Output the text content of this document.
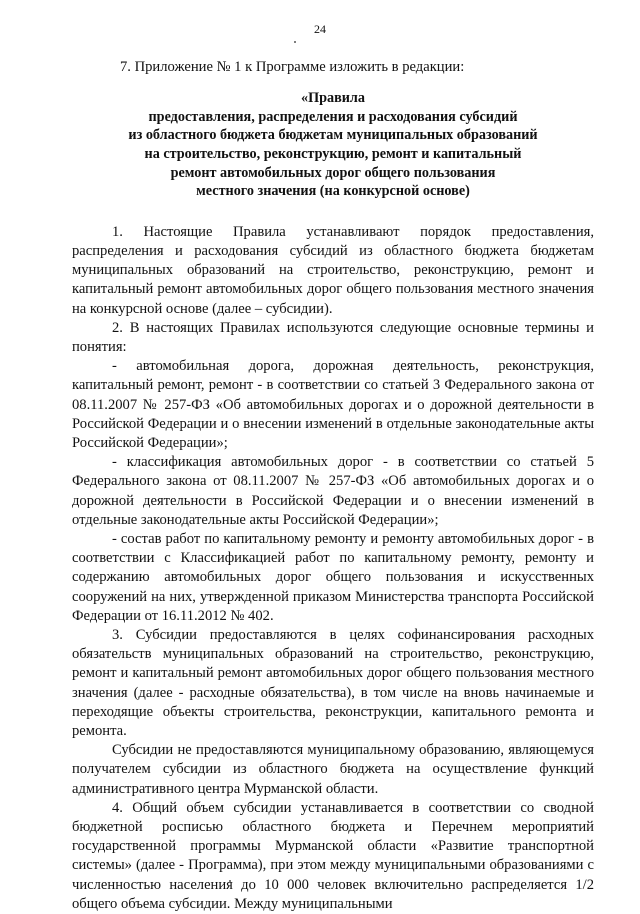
24

7. Приложение № 1 к Программе изложить в редакции:

«Правила
предоставления, распределения и расходования субсидий
из областного бюджета бюджетам муниципальных образований
на строительство, реконструкцию, ремонт и капитальный
ремонт автомобильных дорог общего пользования
местного значения (на конкурсной основе)

1. Настоящие Правила устанавливают порядок предоставления, распределения и расходования субсидий из областного бюджета бюджетам муниципальных образований на строительство, реконструкцию, ремонт и капитальный ремонт автомобильных дорог общего пользования местного значения на конкурсной основе (далее – субсидии).

2. В настоящих Правилах используются следующие основные термины и понятия:

- автомобильная дорога, дорожная деятельность, реконструкция, капитальный ремонт, ремонт - в соответствии со статьей 3 Федерального закона от 08.11.2007 № 257-ФЗ «Об автомобильных дорогах и о дорожной деятельности в Российской Федерации и о внесении изменений в отдельные законодательные акты Российской Федерации»;

- классификация автомобильных дорог - в соответствии со статьей 5 Федерального закона от 08.11.2007 № 257-ФЗ «Об автомобильных дорогах и о дорожной деятельности в Российской Федерации и о внесении изменений в отдельные законодательные акты Российской Федерации»;

- состав работ по капитальному ремонту и ремонту автомобильных дорог - в соответствии с Классификацией работ по капитальному ремонту, ремонту и содержанию автомобильных дорог общего пользования и искусственных сооружений на них, утвержденной приказом Министерства транспорта Российской Федерации от 16.11.2012 № 402.

3. Субсидии предоставляются в целях софинансирования расходных обязательств муниципальных образований на строительство, реконструкцию, ремонт и капитальный ремонт автомобильных дорог общего пользования местного значения (далее - расходные обязательства), в том числе на вновь начинаемые и переходящие объекты строительства, реконструкции, капитального ремонта и ремонта.

Субсидии не предоставляются муниципальному образованию, являющемуся получателем субсидии из областного бюджета на осуществление функций административного центра Мурманской области.

4. Общий объем субсидии устанавливается в соответствии со сводной бюджетной росписью областного бюджета и Перечнем мероприятий государственной программы Мурманской области «Развитие транспортной системы» (далее - Программа), при этом между муниципальными образованиями с численностью населения до 10 000 человек включительно распределяется 1/2 общего объема субсидии. Между муниципальными
